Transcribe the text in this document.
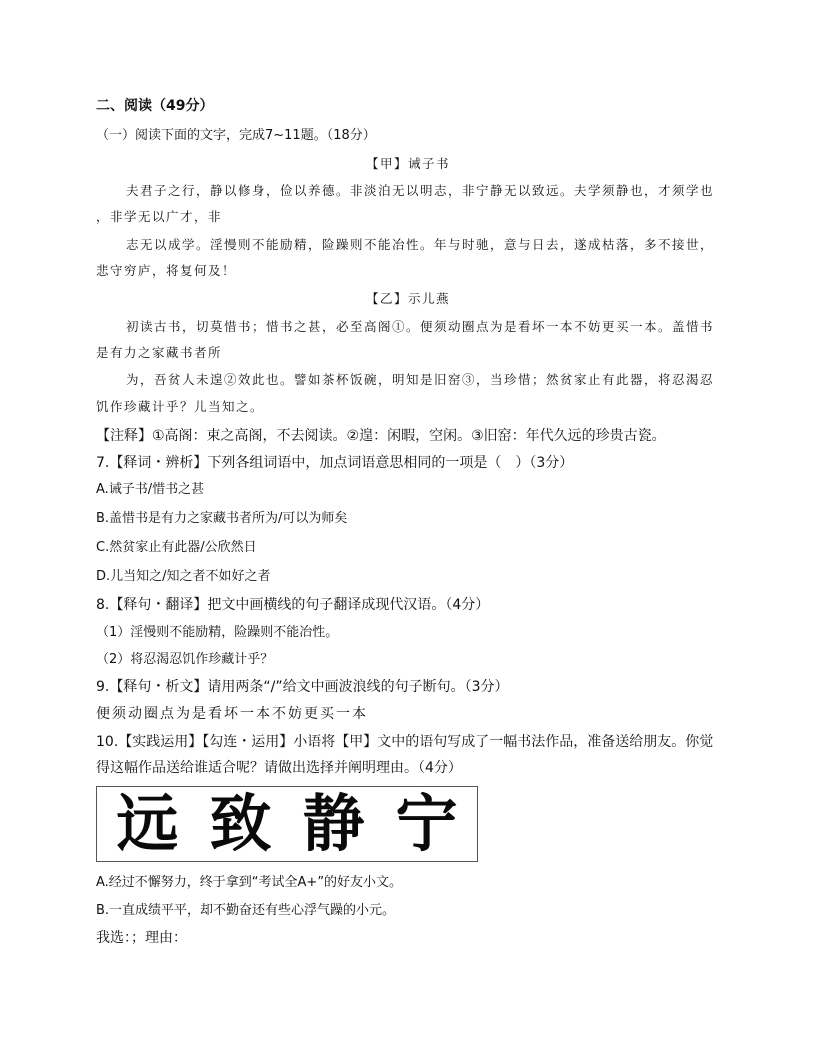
二、阅读（49分）
（一）阅读下面的文字，完成7~11题。（18分）
【甲】诫子书
夫君子之行，静以修身，俭以养德。非淡泊无以明志，非宁静无以致远。夫学须静也，才须学也
，非学无以广才，非
志无以成学。淫慢则不能励精，险躁则不能冶性。年与时驰，意与日去，遂成枯落，多不接世，
悲守穷庐，将复何及！
【乙】示儿燕
初读古书，切莫惜书；惜书之甚，必至高阁①。便须动圈点为是看坏一本不妨更买一本。盖惜书
是有力之家藏书者所
为，吾贫人未遑②效此也。譬如茶杯饭碗，明知是旧窑③，当珍惜；然贫家止有此器，将忍渴忍
饥作珍藏计乎？儿当知之。
【注释】①高阁：束之高阁，不去阅读。②遑：闲暇，空闲。③旧窑：年代久远的珍贵古瓷。
7.【释词・辨析】下列各组词语中，加点词语意思相同的一项是（　）（3分）
A.诫子书/惜书之甚
B.盖惜书是有力之家藏书者所为/可以为师矣
C.然贫家止有此器/公欣然日
D.儿当知之/知之者不如好之者
8.【释句・翻译】把文中画横线的句子翻译成现代汉语。（4分）
（1）淫慢则不能励精，险躁则不能冶性。
（2）将忍渴忍饥作珍藏计乎？
9.【释句・析文】请用两条“/”给文中画波浪线的句子断句。（3分）
便须动圈点为是看坏一本不妨更买一本
10.【实践运用】【勾连・运用】小语将【甲】文中的语句写成了一幅书法作品，准备送给朋友。你觉
得这幅作品送给谁适合呢？请做出选择并阐明理由。（4分）
远 致 静 宁
A.经过不懈努力，终于拿到“考试全A+”的好友小文。
B.一直成绩平平，却不勤奋还有些心浮气躁的小元。
我选：；理由：
